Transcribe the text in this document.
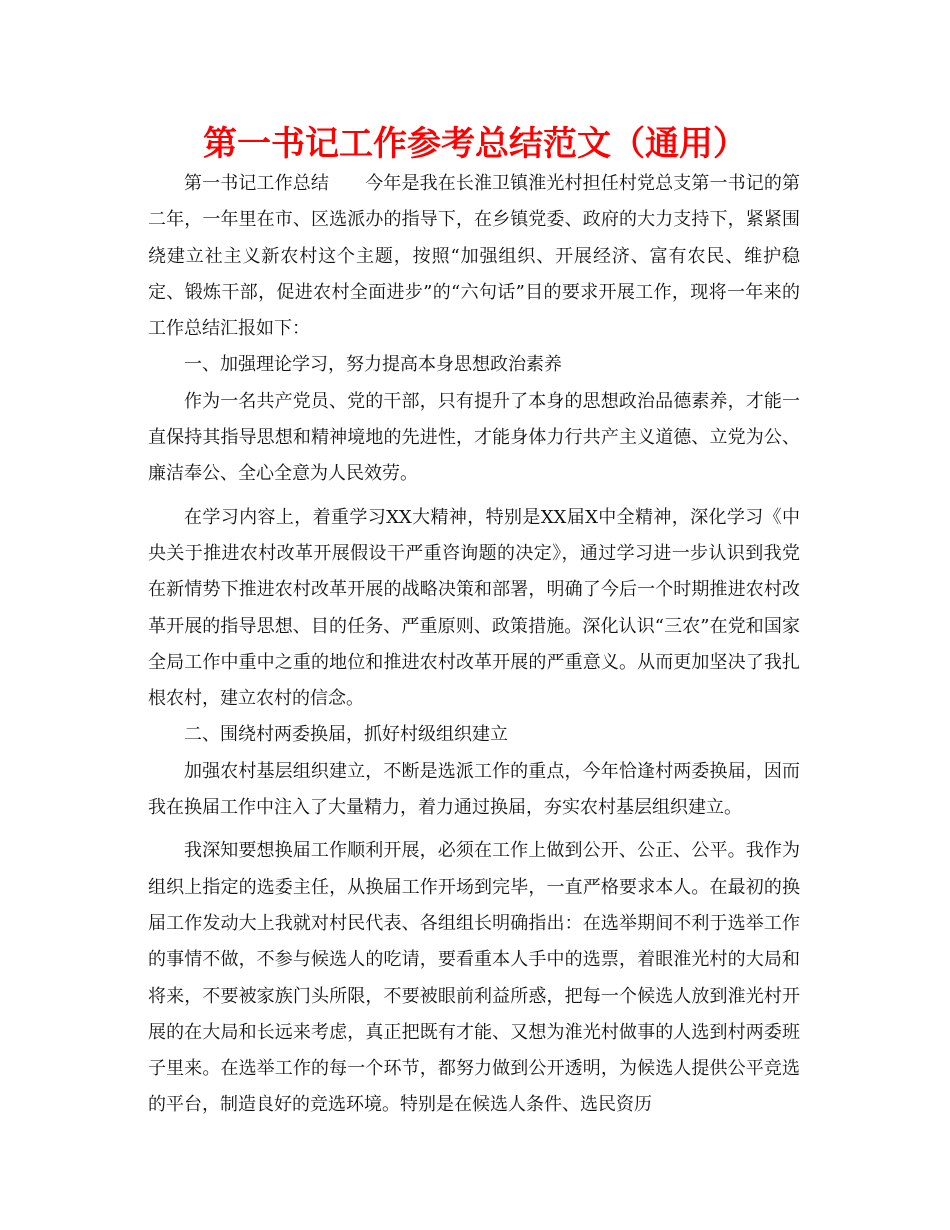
第一书记工作参考总结范文（通用）

第一书记工作总结　　今年是我在长淮卫镇淮光村担任村党总支第一书记的第二年，一年里在市、区选派办的指导下，在乡镇党委、政府的大力支持下，紧紧围绕建立社主义新农村这个主题，按照“加强组织、开展经济、富有农民、维护稳定、锻炼干部，促进农村全面进步”的“六句话”目的要求开展工作，现将一年来的工作总结汇报如下：

一、加强理论学习，努力提高本身思想政治素养

作为一名共产党员、党的干部，只有提升了本身的思想政治品德素养，才能一直保持其指导思想和精神境地的先进性，才能身体力行共产主义道德、立党为公、廉洁奉公、全心全意为人民效劳。

在学习内容上，着重学习XX大精神，特别是XX届X中全精神，深化学习《中央关于推进农村改革开展假设干严重咨询题的决定》，通过学习进一步认识到我党在新情势下推进农村改革开展的战略决策和部署，明确了今后一个时期推进农村改革开展的指导思想、目的任务、严重原则、政策措施。深化认识“三农”在党和国家全局工作中重中之重的地位和推进农村改革开展的严重意义。从而更加坚决了我扎根农村，建立农村的信念。

二、围绕村两委换届，抓好村级组织建立

加强农村基层组织建立，不断是选派工作的重点，今年恰逢村两委换届，因而我在换届工作中注入了大量精力，着力通过换届，夯实农村基层组织建立。

我深知要想换届工作顺利开展，必须在工作上做到公开、公正、公平。我作为组织上指定的选委主任，从换届工作开场到完毕，一直严格要求本人。在最初的换届工作发动大上我就对村民代表、各组组长明确指出：在选举期间不利于选举工作的事情不做，不参与候选人的吃请，要看重本人手中的选票，着眼淮光村的大局和将来，不要被家族门头所限，不要被眼前利益所惑，把每一个候选人放到淮光村开展的在大局和长远来考虑，真正把既有才能、又想为淮光村做事的人选到村两委班子里来。在选举工作的每一个环节，都努力做到公开透明，为候选人提供公平竞选的平台，制造良好的竞选环境。特别是在候选人条件、选民资历
